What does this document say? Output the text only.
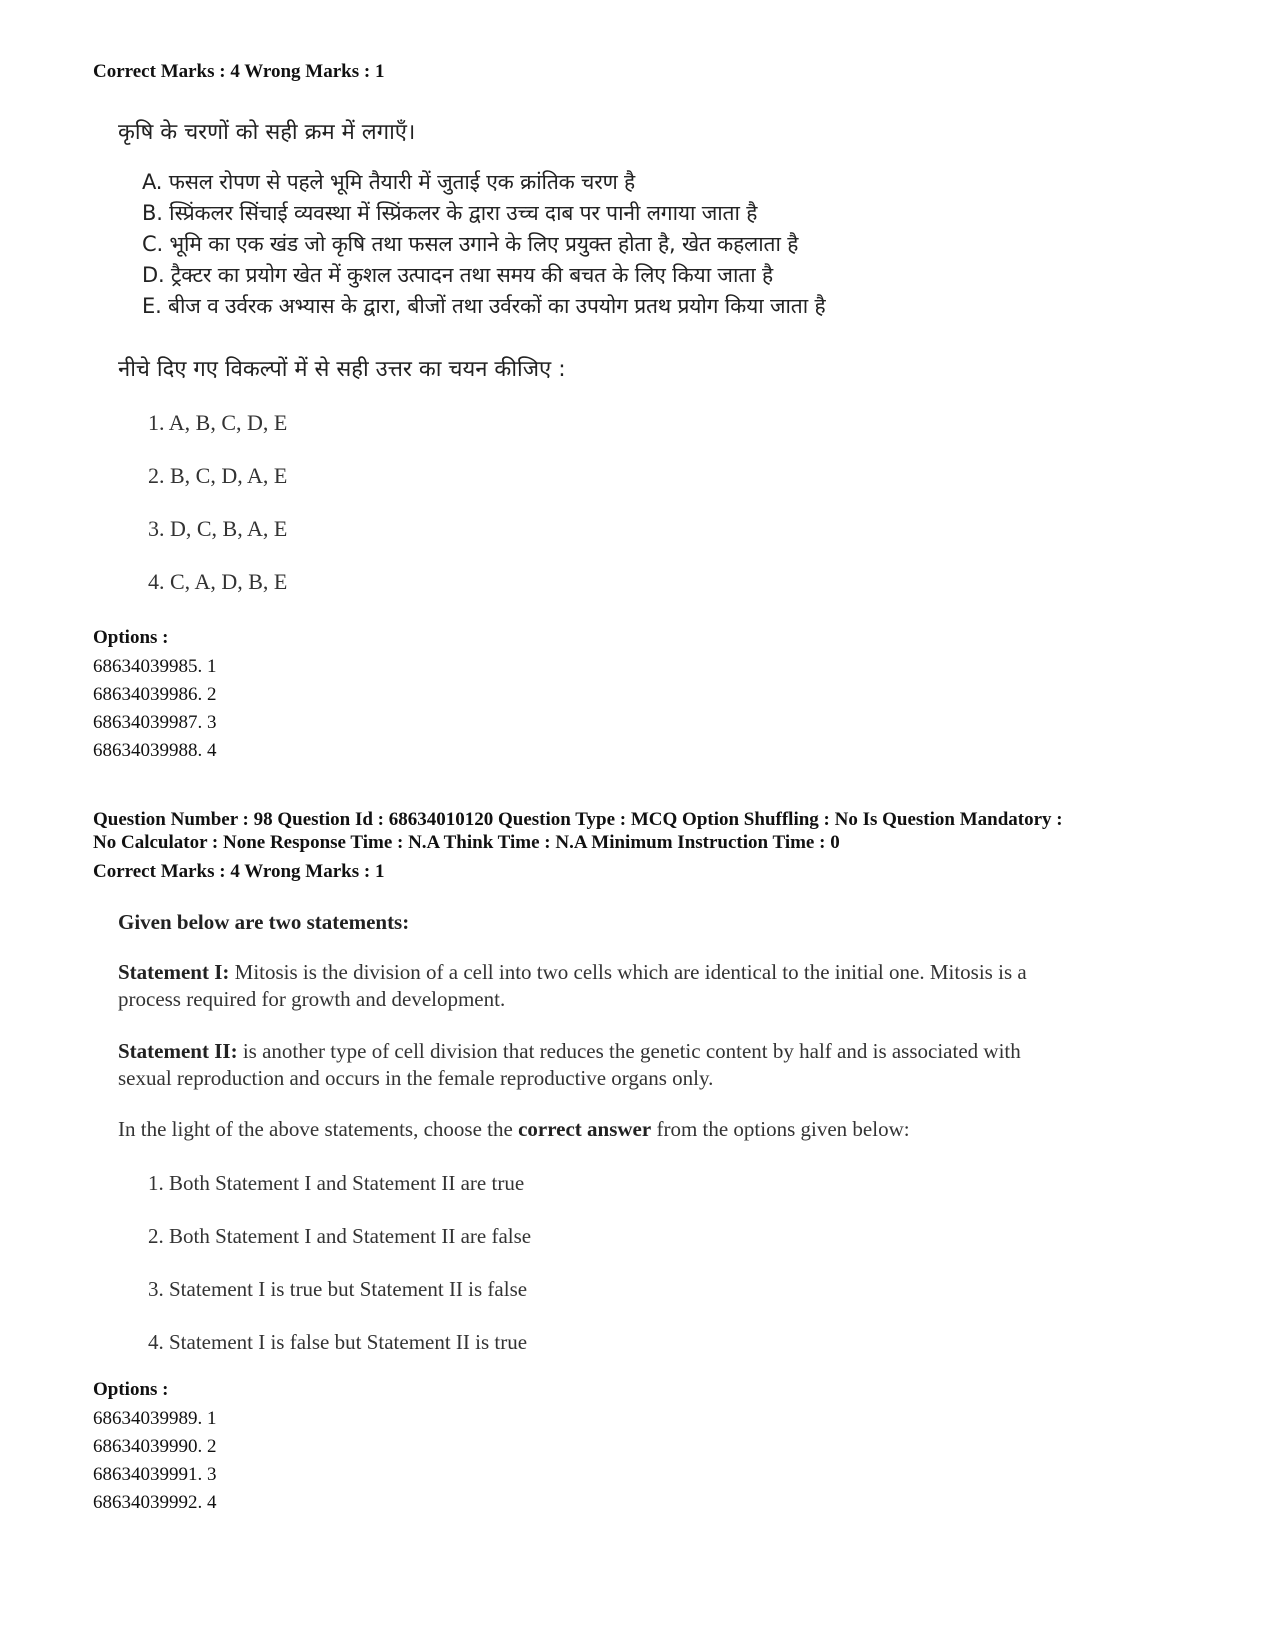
Correct Marks : 4 Wrong Marks : 1
कृषि के चरणों को सही क्रम में लगाएँ।
A. फसल रोपण से पहले भूमि तैयारी में जुताई एक क्रांतिक चरण है
B. स्प्रिंकलर सिंचाई व्यवस्था में स्प्रिंकलर के द्वारा उच्च दाब पर पानी लगाया जाता है
C. भूमि का एक खंड जो कृषि तथा फसल उगाने के लिए प्रयुक्त होता है, खेत कहलाता है
D. ट्रैक्टर का प्रयोग खेत में कुशल उत्पादन तथा समय की बचत के लिए किया जाता है
E. बीज व उर्वरक अभ्यास के द्वारा, बीजों तथा उर्वरकों का उपयोग प्रतथ प्रयोग किया जाता है
नीचे दिए गए विकल्पों में से सही उत्तर का चयन कीजिए :
1. A, B, C, D, E
2. B, C, D, A, E
3. D, C, B, A, E
4. C, A, D, B, E
Options :
68634039985. 1
68634039986. 2
68634039987. 3
68634039988. 4
Question Number : 98 Question Id : 68634010120 Question Type : MCQ Option Shuffling : No Is Question Mandatory :
No Calculator : None Response Time : N.A Think Time : N.A Minimum Instruction Time : 0
Correct Marks : 4 Wrong Marks : 1
Given below are two statements:
Statement I: Mitosis is the division of a cell into two cells which are identical to the initial one. Mitosis is a
process required for growth and development.
Statement II: is another type of cell division that reduces the genetic content by half and is associated with
sexual reproduction and occurs in the female reproductive organs only.
In the light of the above statements, choose the correct answer from the options given below:
1. Both Statement I and Statement II are true
2. Both Statement I and Statement II are false
3. Statement I is true but Statement II is false
4. Statement I is false but Statement II is true
Options :
68634039989. 1
68634039990. 2
68634039991. 3
68634039992. 4
